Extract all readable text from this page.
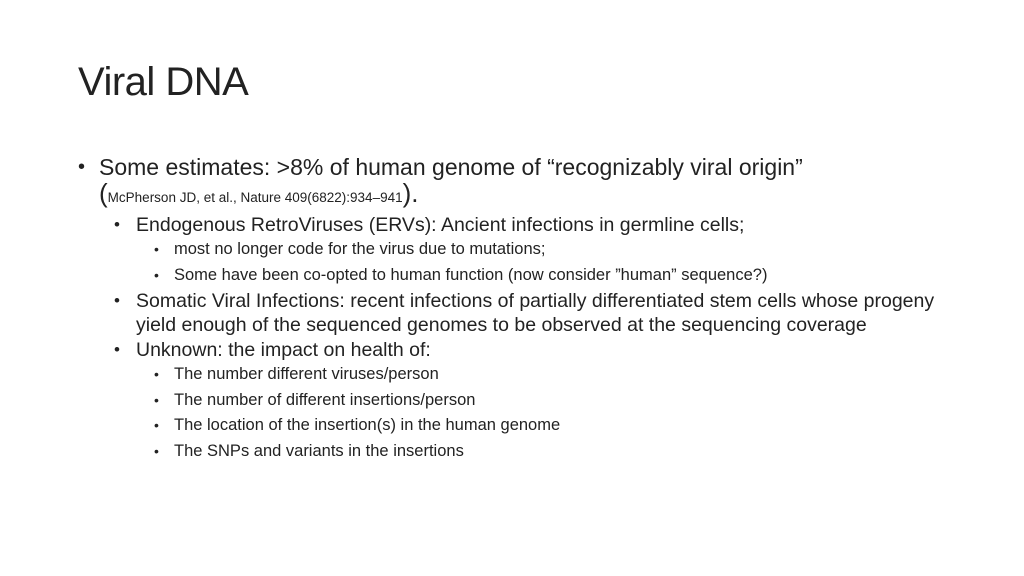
Viral DNA
• Some estimates: >8% of human genome of “recognizably viral origin”
(McPherson JD, et al., Nature 409(6822):934–941).
• Endogenous RetroViruses (ERVs): Ancient infections in germline cells;
• most no longer code for the virus due to mutations;
• Some have been co-opted to human function (now consider ”human” sequence?)
• Somatic Viral Infections: recent infections of partially differentiated stem cells whose progeny yield enough of the sequenced genomes to be observed at the sequencing coverage
• Unknown: the impact on health of:
• The number different viruses/person
• The number of different insertions/person
• The location of the insertion(s) in the human genome
• The SNPs and variants in the insertions
